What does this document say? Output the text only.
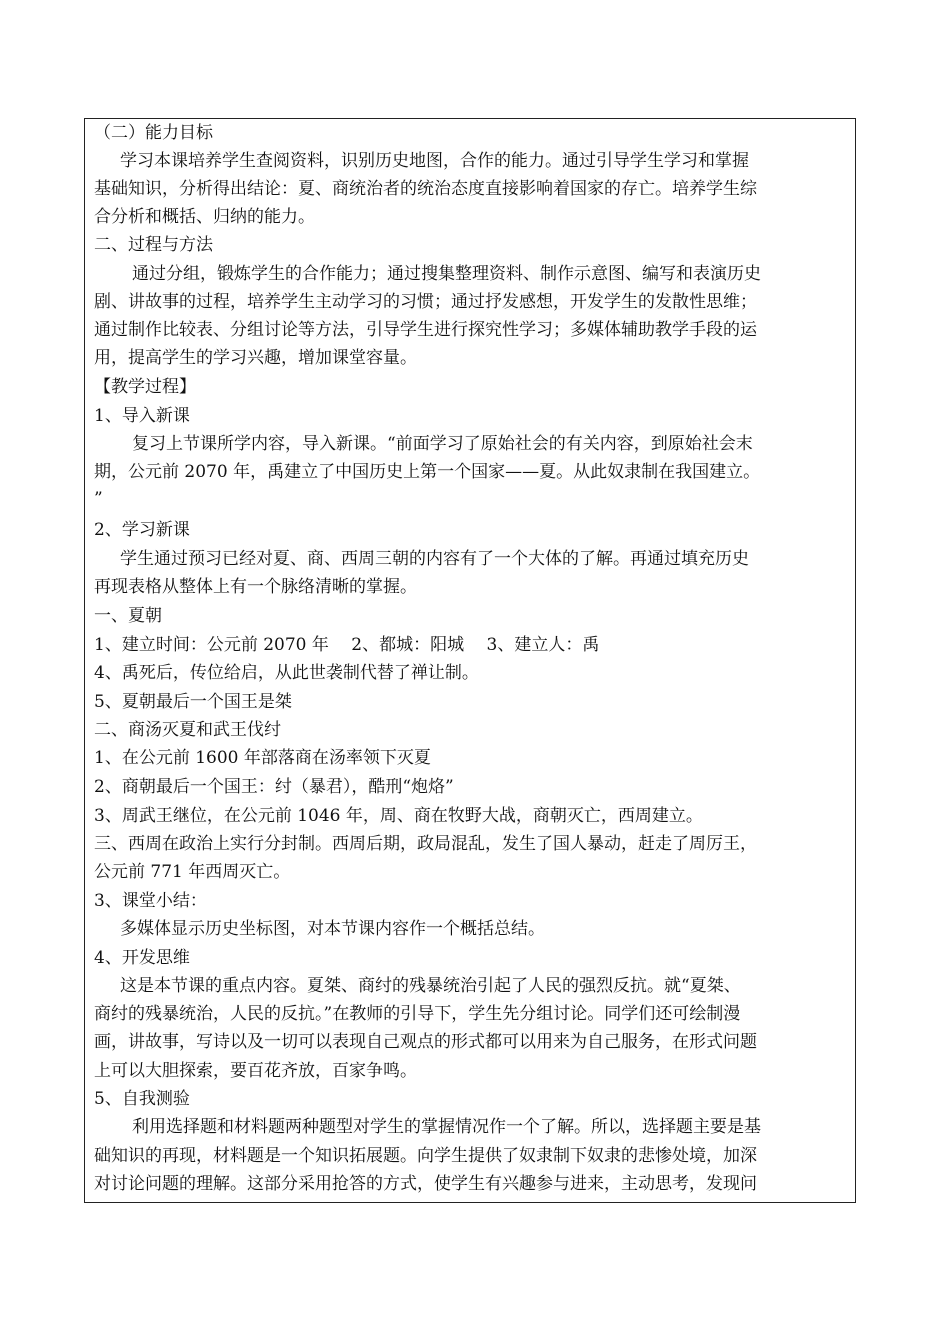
（二）能力目标
学习本课培养学生查阅资料，识别历史地图，合作的能力。通过引导学生学习和掌握
基础知识，分析得出结论：夏、商统治者的统治态度直接影响着国家的存亡。培养学生综
合分析和概括、归纳的能力。
二、过程与方法
通过分组，锻炼学生的合作能力；通过搜集整理资料、制作示意图、编写和表演历史
剧、讲故事的过程，培养学生主动学习的习惯；通过抒发感想，开发学生的发散性思维；
通过制作比较表、分组讨论等方法，引导学生进行探究性学习；多媒体辅助教学手段的运
用，提高学生的学习兴趣，增加课堂容量。
【教学过程】
1、导入新课
复习上节课所学内容，导入新课。“前面学习了原始社会的有关内容，到原始社会末
期，公元前 2070 年，禹建立了中国历史上第一个国家——夏。从此奴隶制在我国建立。
”
2、学习新课
学生通过预习已经对夏、商、西周三朝的内容有了一个大体的了解。再通过填充历史
再现表格从整体上有一个脉络清晰的掌握。
一、夏朝
1、建立时间：公元前 2070 年　 2、都城：阳城　 3、建立人：禹
4、禹死后，传位给启，从此世袭制代替了禅让制。
5、夏朝最后一个国王是桀
二、商汤灭夏和武王伐纣
1、在公元前 1600 年部落商在汤率领下灭夏
2、商朝最后一个国王：纣（暴君），酷刑“炮烙”
3、周武王继位，在公元前 1046 年，周、商在牧野大战，商朝灭亡，西周建立。
三、西周在政治上实行分封制。西周后期，政局混乱，发生了国人暴动，赶走了周厉王，
公元前 771 年西周灭亡。
3、课堂小结：
多媒体显示历史坐标图，对本节课内容作一个概括总结。
4、开发思维
这是本节课的重点内容。夏桀、商纣的残暴统治引起了人民的强烈反抗。就“夏桀、
商纣的残暴统治，人民的反抗。”在教师的引导下，学生先分组讨论。同学们还可绘制漫
画，讲故事，写诗以及一切可以表现自己观点的形式都可以用来为自己服务，在形式问题
上可以大胆探索，要百花齐放，百家争鸣。
5、自我测验
利用选择题和材料题两种题型对学生的掌握情况作一个了解。所以，选择题主要是基
础知识的再现，材料题是一个知识拓展题。向学生提供了奴隶制下奴隶的悲惨处境，加深
对讨论问题的理解。这部分采用抢答的方式，使学生有兴趣参与进来，主动思考，发现问
